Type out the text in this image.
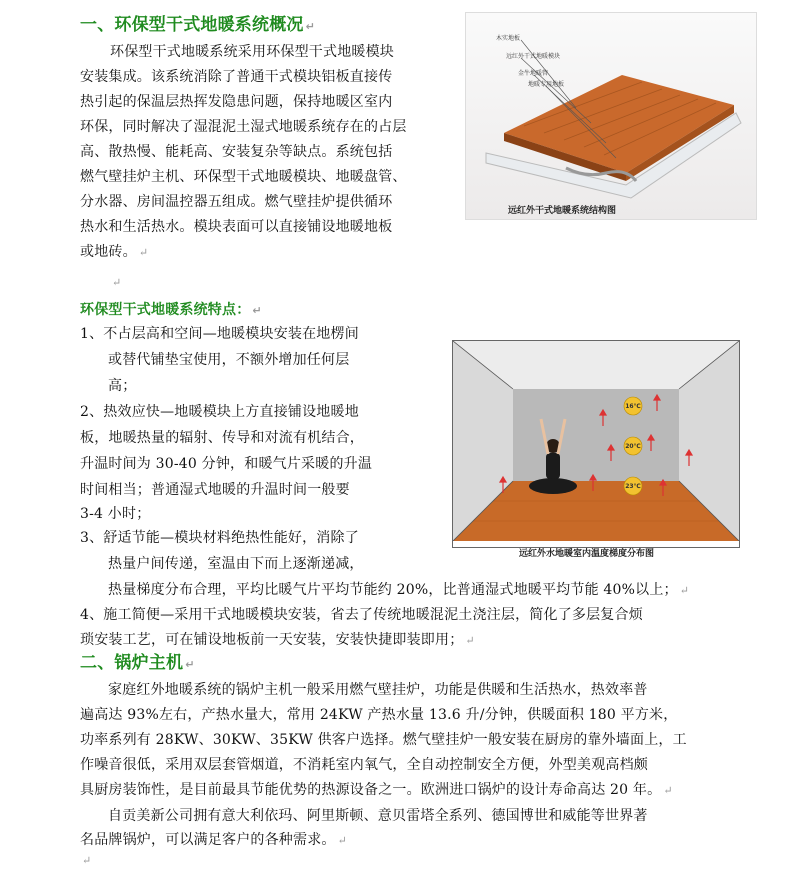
一、环保型干式地暖系统概况 ↵
环保型干式地暖系统采用环保型干式地暖模块
安装集成。该系统消除了普通干式模块铝板直接传
热引起的保温层热挥发隐患问题，保持地暖区室内
环保，同时解决了湿混泥土湿式地暖系统存在的占层
高、散热慢、能耗高、安装复杂等缺点。系统包括
燃气壁挂炉主机、环保型干式地暖模块、地暖盘管、
分水器、房间温控器五组成。燃气壁挂炉提供循环
热水和生活热水。模块表面可以直接铺设地暖地板
或地砖。 ↵
↵
木实地板
远红外干式地暖模块
金牛地暖管
地暖专用地板
远红外干式地暖系统结构图
环保型干式地暖系统特点： ↵
1、不占层高和空间—地暖模块安装在地楞间
或替代铺垫宝使用，不额外增加任何层
高；
2、热效应快—地暖模块上方直接铺设地暖地
板，地暖热量的辐射、传导和对流有机结合，
升温时间为 30-40 分钟，和暖气片采暖的升温
时间相当；普通湿式地暖的升温时间一般要
3-4 小时；
3、舒适节能—模块材料绝热性能好，消除了
热量户间传递，室温由下而上逐渐递减，
热量梯度分布合理，平均比暖气片平均节能约 20%，比普通湿式地暖平均节能 40%以上； ↵
4、施工简便—采用干式地暖模块安装，省去了传统地暖混泥土浇注层，简化了多层复合烦
琐安装工艺，可在铺设地板前一天安装，安装快捷即装即用； ↵
16℃
20℃
23℃
远红外水地暖室内温度梯度分布图
二、锅炉主机 ↵
家庭红外地暖系统的锅炉主机一般采用燃气壁挂炉，功能是供暖和生活热水，热效率普
遍高达 93%左右，产热水量大，常用 24KW 产热水量 13.6 升/分钟，供暖面积 180 平方米，
功率系列有 28KW、30KW、35KW 供客户选择。燃气壁挂炉一般安装在厨房的靠外墙面上，工
作噪音很低，采用双层套管烟道，不消耗室内氧气，全自动控制安全方便，外型美观高档颇
具厨房装饰性，是目前最具节能优势的热源设备之一。欧洲进口锅炉的设计寿命高达 20 年。 ↵
自贡美新公司拥有意大利依玛、阿里斯顿、意贝雷塔全系列、德国博世和威能等世界著
名品牌锅炉，可以满足客户的各种需求。 ↵
↵
